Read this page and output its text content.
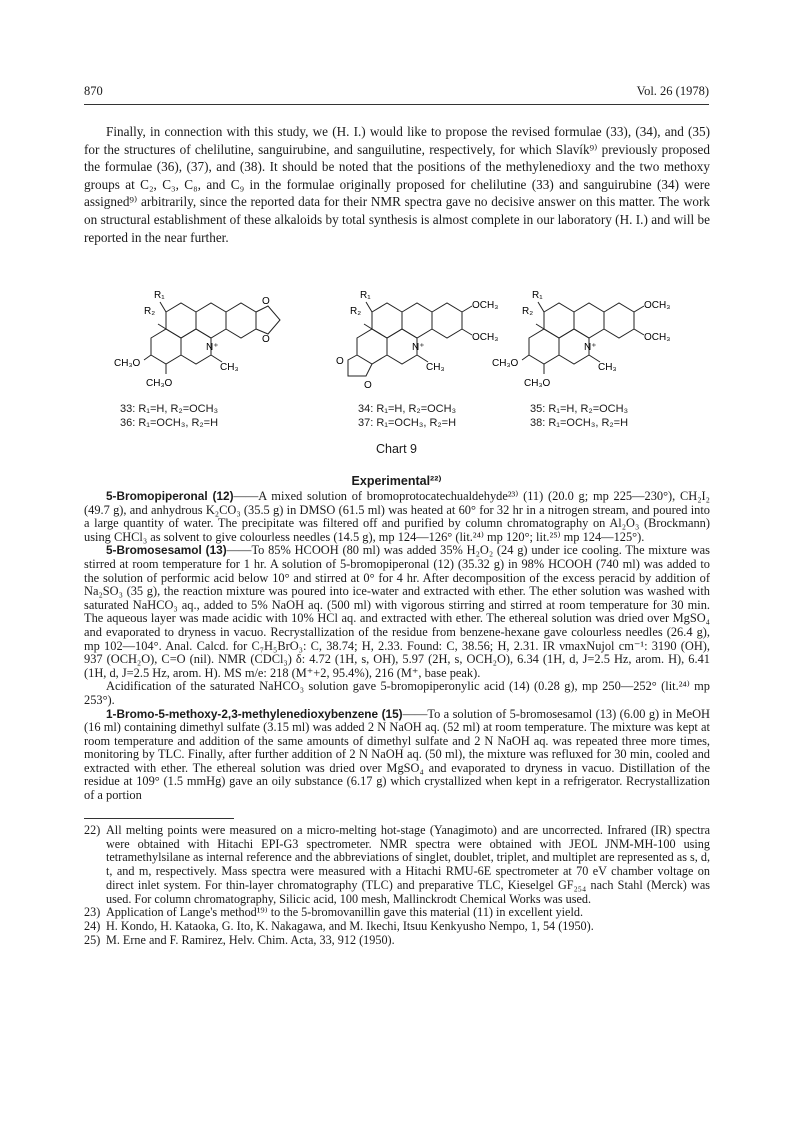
870	Vol. 26 (1978)

Finally, in connection with this study, we (H. I.) would like to propose the revised formulae (33), (34), and (35) for the structures of chelilutine, sanguirubine, and sanguilutine, respectively, for which Slavík⁹⁾ previously proposed the formulae (36), (37), and (38). It should be noted that the positions of the methylenedioxy and the two methoxy groups at C₂, C₃, C₈, and C₉ in the formulae originally proposed for chelilutine (33) and sanguirubine (34) were assigned⁹⁾ arbitrarily, since the reported data for their NMR spectra gave no decisive answer on this matter. The work on structural establishment of these alkaloids by total synthesis is almost complete in our laboratory (H. I.) and will be reported in the near further.

R₁
R₂
O
O
N⁺
CH₃
CH₃O
CH₃O
33: R₁=H, R₂=OCH₃
36: R₁=OCH₃, R₂=H
R₁
R₂
OCH₃
OCH₃
N⁺
CH₃
O
O
34: R₁=H, R₂=OCH₃
37: R₁=OCH₃, R₂=H
R₁
R₂
OCH₃
OCH₃
N⁺
CH₃
CH₃O
CH₃O
35: R₁=H, R₂=OCH₃
38: R₁=OCH₃, R₂=H
Chart 9
Experimental²²⁾

5-Bromopiperonal (12)——A mixed solution of bromoprotocatechualdehyde²³⁾ (11) (20.0 g; mp 225—230°), CH₂I₂ (49.7 g), and anhydrous K₂CO₃ (35.5 g) in DMSO (61.5 ml) was heated at 60° for 32 hr in a nitrogen stream, and poured into a large quantity of water. The precipitate was filtered off and purified by column chromatography on Al₂O₃ (Brockmann) using CHCl₃ as solvent to give colourless needles (14.5 g), mp 124—126° (lit.²⁴⁾ mp 120°; lit.²⁵⁾ mp 124—125°).

5-Bromosesamol (13)——To 85% HCOOH (80 ml) was added 35% H₂O₂ (24 g) under ice cooling. The mixture was stirred at room temperature for 1 hr. A solution of 5-bromopiperonal (12) (35.32 g) in 98% HCOOH (740 ml) was added to the solution of performic acid below 10° and stirred at 0° for 4 hr. After decomposition of the excess peracid by addition of Na₂SO₃ (35 g), the reaction mixture was poured into ice-water and extracted with ether. The ether solution was washed with saturated NaHCO₃ aq., added to 5% NaOH aq. (500 ml) with vigorous stirring and stirred at room temperature for 30 min. The aqueous layer was made acidic with 10% HCl aq. and extracted with ether. The ethereal solution was dried over MgSO₄ and evaporated to dryness in vacuo. Recrystallization of the residue from benzene-hexane gave colourless needles (26.4 g), mp 102—104°. Anal. Calcd. for C₇H₅BrO₃: C, 38.74; H, 2.33. Found: C, 38.56; H, 2.31. IR νmaxNujol cm⁻¹: 3190 (OH), 937 (OCH₂O), C=O (nil). NMR (CDCl₃) δ: 4.72 (1H, s, OH), 5.97 (2H, s, OCH₂O), 6.34 (1H, d, J=2.5 Hz, arom. H), 6.41 (1H, d, J=2.5 Hz, arom. H). MS m/e: 218 (M⁺+2, 95.4%), 216 (M⁺, base peak).

Acidification of the saturated NaHCO₃ solution gave 5-bromopiperonylic acid (14) (0.28 g), mp 250—252° (lit.²⁴⁾ mp 253°).

1-Bromo-5-methoxy-2,3-methylenedioxybenzene (15)——To a solution of 5-bromosesamol (13) (6.00 g) in MeOH (16 ml) containing dimethyl sulfate (3.15 ml) was added 2 N NaOH aq. (52 ml) at room temperature. The mixture was kept at room temperature and addition of the same amounts of dimethyl sulfate and 2 N NaOH aq. was repeated three more times, monitoring by TLC. Finally, after further addition of 2 N NaOH aq. (50 ml), the mixture was refluxed for 30 min, cooled and extracted with ether. The ethereal solution was dried over MgSO₄ and evaporated to dryness in vacuo. Distillation of the residue at 109° (1.5 mmHg) gave an oily substance (6.17 g) which crystallized when kept in a refrigerator. Recrystallization of a portion

22) All melting points were measured on a micro-melting hot-stage (Yanagimoto) and are uncorrected. Infrared (IR) spectra were obtained with Hitachi EPI-G3 spectrometer. NMR spectra were obtained with JEOL JNM-MH-100 using tetramethylsilane as internal reference and the abbreviations of singlet, doublet, triplet, and multiplet are represented as s, d, t, and m, respectively. Mass spectra were measured with a Hitachi RMU-6E spectrometer at 70 eV chamber voltage on direct inlet system. For thin-layer chromatography (TLC) and preparative TLC, Kieselgel GF₂₅₄ nach Stahl (Merck) was used. For column chromatography, Silicic acid, 100 mesh, Mallinckrodt Chemical Works was used.

23) Application of Lange's method¹⁹⁾ to the 5-bromovanillin gave this material (11) in excellent yield.

24) H. Kondo, H. Kataoka, G. Ito, K. Nakagawa, and M. Ikechi, Itsuu Kenkyusho Nempo, 1, 54 (1950).

25) M. Erne and F. Ramirez, Helv. Chim. Acta, 33, 912 (1950).
